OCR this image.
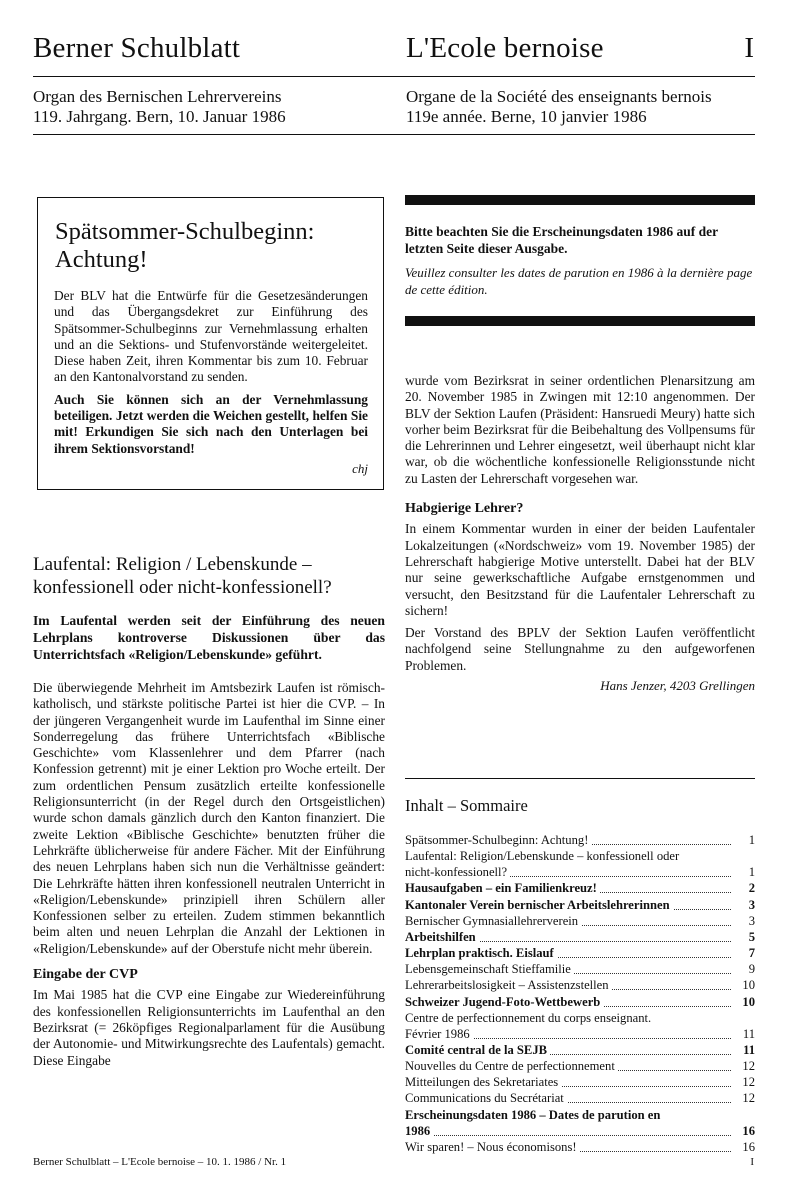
Berner Schulblatt	L'Ecole bernoise	I
Organ des Bernischen Lehrervereins
119. Jahrgang. Bern, 10. Januar 1986
Organe de la Société des enseignants bernois
119e année. Berne, 10 janvier 1986
Spätsommer-Schulbeginn: Achtung!

Der BLV hat die Entwürfe für die Gesetzesänderungen und das Übergangsdekret zur Einführung des Spätsommer-Schulbeginns zur Vernehmlassung erhalten und an die Sektions- und Stufenvorstände weitergeleitet. Diese haben Zeit, ihren Kommentar bis zum 10. Februar an den Kantonalvorstand zu senden.

Auch Sie können sich an der Vernehmlassung beteiligen. Jetzt werden die Weichen gestellt, helfen Sie mit! Erkundigen Sie sich nach den Unterlagen bei ihrem Sektionsvorstand!

chj
Bitte beachten Sie die Erscheinungsdaten 1986 auf der letzten Seite dieser Ausgabe.
Veuillez consulter les dates de parution en 1986 à la dernière page de cette édition.
Laufental: Religion / Lebenskunde – konfessionell oder nicht-konfessionell?
Im Laufental werden seit der Einführung des neuen Lehrplans kontroverse Diskussionen über das Unterrichtsfach «Religion/Lebenskunde» geführt.

Die überwiegende Mehrheit im Amtsbezirk Laufen ist römisch-katholisch, und stärkste politische Partei ist hier die CVP. – In der jüngeren Vergangenheit wurde im Laufenthal im Sinne einer Sonderregelung das frühere Unterrichtsfach «Biblische Geschichte» vom Klassenlehrer und dem Pfarrer (nach Konfession getrennt) mit je einer Lektion pro Woche erteilt. Der zum ordentlichen Pensum zusätzlich erteilte konfessionelle Religionsunterricht (in der Regel durch den Ortsgeistlichen) wurde schon damals gänzlich durch den Kanton finanziert. Die zweite Lektion «Biblische Geschichte» benutzten früher die Lehrkräfte üblicherweise für andere Fächer. Mit der Einführung des neuen Lehrplans haben sich nun die Verhältnisse geändert: Die Lehrkräfte hätten ihren konfessionell neutralen Unterricht in «Religion/Lebenskunde» prinzipiell ihren Schülern aller Konfessionen selber zu erteilen. Zudem stimmen bekanntlich beim alten und neuen Lehrplan die Anzahl der Lektionen in «Religion/Lebenskunde» auf der Oberstufe nicht mehr überein.

Eingabe der CVP

Im Mai 1985 hat die CVP eine Eingabe zur Wiedereinführung des konfessionellen Religionsunterrichts im Laufenthal an den Bezirksrat (= 26köpfiges Regionalparlament für die Ausübung der Autonomie- und Mitwirkungsrechte des Laufentals) gemacht. Diese Eingabe

wurde vom Bezirksrat in seiner ordentlichen Plenarsitzung am 20. November 1985 in Zwingen mit 12:10 angenommen. Der BLV der Sektion Laufen (Präsident: Hansruedi Meury) hatte sich vorher beim Bezirksrat für die Beibehaltung des Vollpensums für die Lehrerinnen und Lehrer eingesetzt, weil überhaupt nicht klar war, ob die wöchentliche konfessionelle Religionsstunde nicht zu Lasten der Lehrerschaft vorgesehen war.

Habgierige Lehrer?

In einem Kommentar wurden in einer der beiden Laufentaler Lokalzeitungen («Nordschweiz» vom 19. November 1985) der Lehrerschaft habgierige Motive unterstellt. Dabei hat der BLV nur seine gewerkschaftliche Aufgabe ernstgenommen und versucht, den Besitzstand für die Laufentaler Lehrerschaft zu sichern!

Der Vorstand des BPLV der Sektion Laufen veröffentlicht nachfolgend seine Stellungnahme zu den aufgeworfenen Problemen.

Hans Jenzer, 4203 Grellingen
Inhalt – Sommaire
Spätsommer-Schulbeginn: Achtung!	1
Laufental: Religion/Lebenskunde – konfessionell oder
nicht-konfessionell?	1
Hausaufgaben – ein Familienkreuz!	2
Kantonaler Verein bernischer Arbeitslehrerinnen	3
Bernischer Gymnasiallehrerverein	3
Arbeitshilfen	5
Lehrplan praktisch. Eislauf	7
Lebensgemeinschaft Stieffamilie	9
Lehrerarbeitslosigkeit – Assistenzstellen	10
Schweizer Jugend-Foto-Wettbewerb	10
Centre de perfectionnement du corps enseignant.
Février 1986	11
Comité central de la SEJB	11
Nouvelles du Centre de perfectionnement	12
Mitteilungen des Sekretariates	12
Communications du Secrétariat	12
Erscheinungsdaten 1986 – Dates de parution en
1986	16
Wir sparen! – Nous économisons!	16
Berner Schulblatt – L'Ecole bernoise – 10. 1. 1986 / Nr. 1	I
